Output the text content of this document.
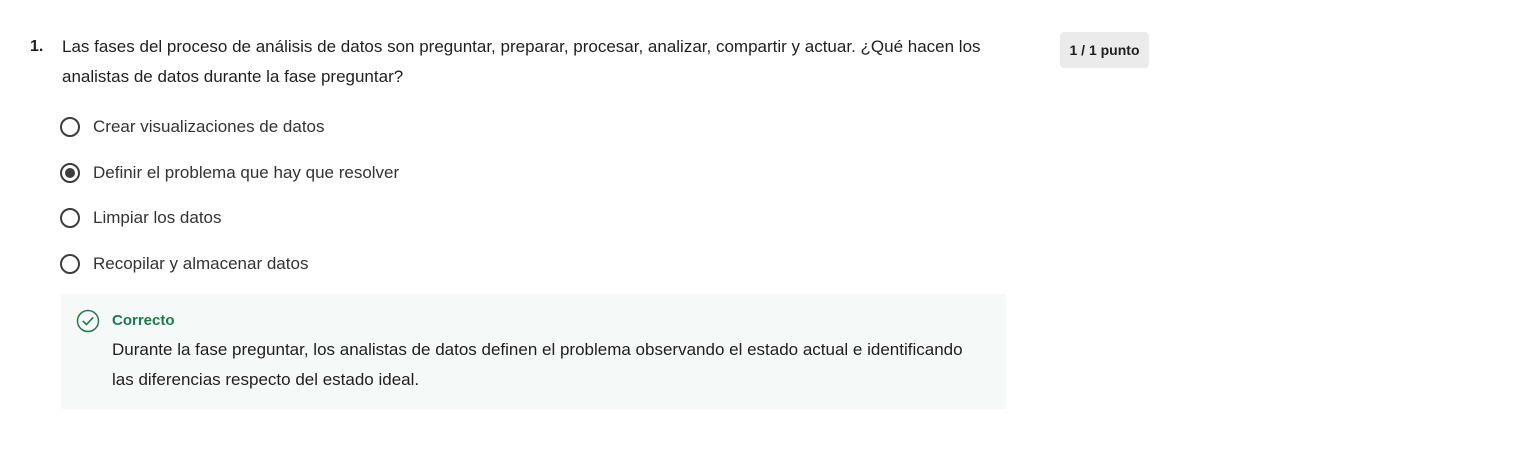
1. Las fases del proceso de análisis de datos son preguntar, preparar, procesar, analizar, compartir y actuar. ¿Qué hacen los analistas de datos durante la fase preguntar?
1 / 1 punto
Crear visualizaciones de datos
Definir el problema que hay que resolver
Limpiar los datos
Recopilar y almacenar datos
Correcto
Durante la fase preguntar, los analistas de datos definen el problema observando el estado actual e identificando las diferencias respecto del estado ideal.
